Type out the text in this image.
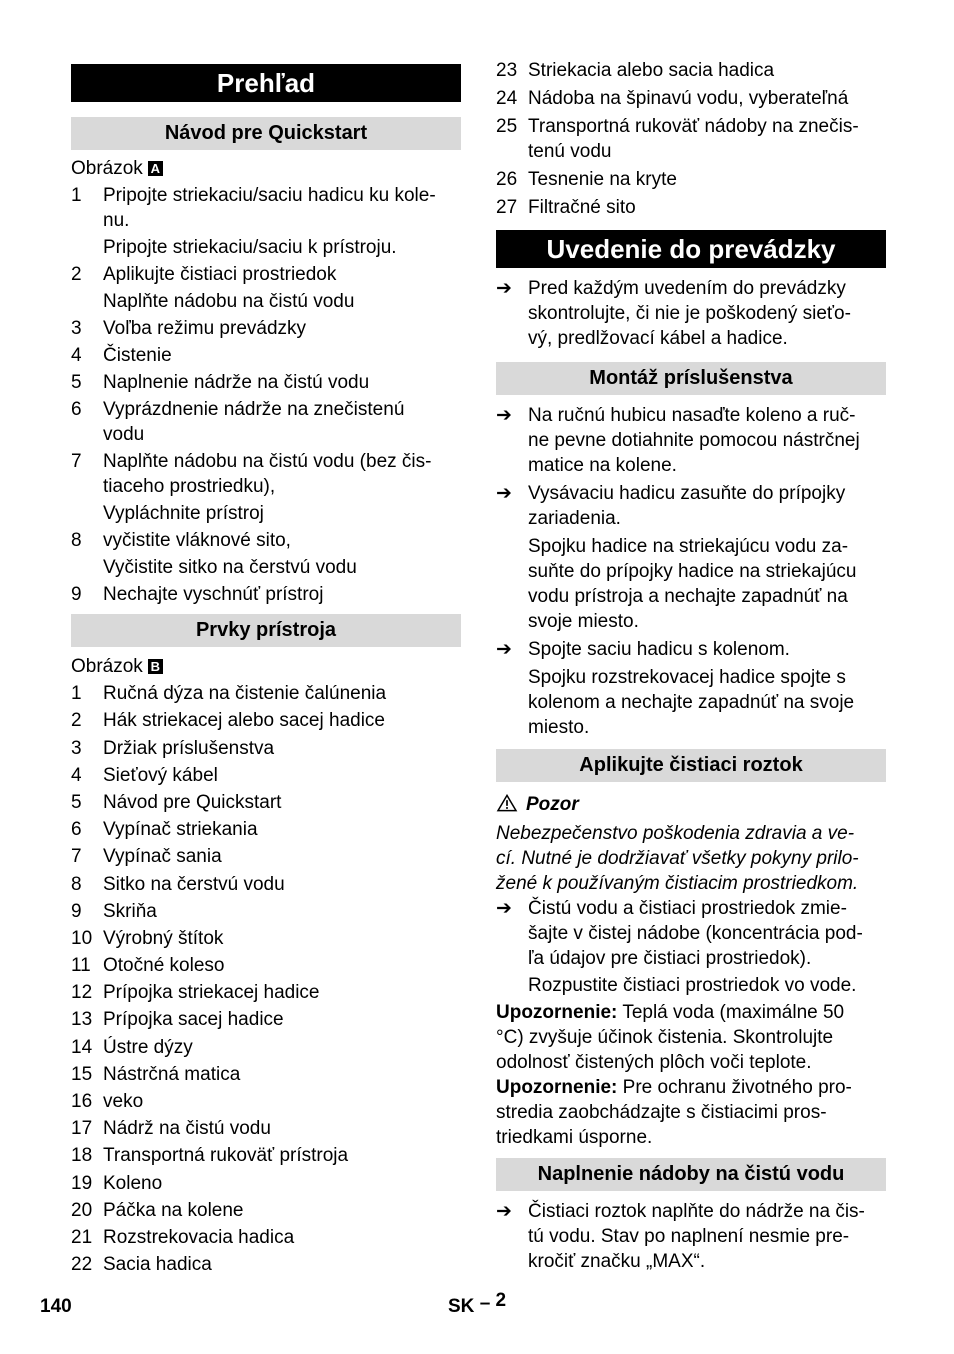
Prehľad
Návod pre Quickstart
Obrázok A
1	Pripojte striekaciu/saciu hadicu ku kole-
nu.
Pripojte striekaciu/saciu k prístroju.
2	Aplikujte čistiaci prostriedok
Naplňte nádobu na čistú vodu
3	Voľba režimu prevádzky
4	Čistenie
5	Naplnenie nádrže na čistú vodu
6	Vyprázdnenie nádrže na znečistenú
vodu
7	Naplňte nádobu na čistú vodu (bez čis-
tiaceho prostriedku),
Vypláchnite prístroj
8	vyčistite vláknové sito,
Vyčistite sitko na čerstvú vodu
9	Nechajte vyschnúť prístroj
Prvky prístroja
Obrázok B
1	Ručná dýza na čistenie čalúnenia
2	Hák striekacej alebo sacej hadice
3	Držiak príslušenstva
4	Sieťový kábel
5	Návod pre Quickstart
6	Vypínač striekania
7	Vypínač sania
8	Sitko na čerstvú vodu
9	Skriňa
10 Výrobný štítok
11 Otočné koleso
12 Prípojka striekacej hadice
13 Prípojka sacej hadice
14 Ústre dýzy
15 Nástrčná matica
16 veko
17 Nádrž na čistú vodu
18 Transportná rukoväť prístroja
19 Koleno
20 Páčka na kolene
21 Rozstrekovacia hadica
22 Sacia hadica
23 Striekacia alebo sacia hadica
24 Nádoba na špinavú vodu, vyberateľná
25 Transportná rukoväť nádoby na znečis-
tenú vodu
26 Tesnenie na kryte
27 Filtračné sito
Uvedenie do prevádzky
➔ Pred každým uvedením do prevádzky
skontrolujte, či nie je poškodený sieťo-
vý, predlžovací kábel a hadice.
Montáž príslušenstva
➔ Na ručnú hubicu nasaďte koleno a ruč-
ne pevne dotiahnite pomocou nástrčnej
matice na kolene.
➔ Vysávaciu hadicu zasuňte do prípojky
zariadenia.
Spojku hadice na striekajúcu vodu za-
suňte do prípojky hadice na striekajúcu
vodu prístroja a nechajte zapadnúť na
svoje miesto.
➔ Spojte saciu hadicu s kolenom.
Spojku rozstrekovacej hadice spojte s
kolenom a nechajte zapadnúť na svoje
miesto.
Aplikujte čistiaci roztok
Pozor
Nebezpečenstvo poškodenia zdravia a ve-
cí. Nutné je dodržiavať všetky pokyny prilo-
žené k používaným čistiacim prostriedkom.
➔ Čistú vodu a čistiaci prostriedok zmie-
šajte v čistej nádobe (koncentrácia pod-
ľa údajov pre čistiaci prostriedok).
Rozpustite čistiaci prostriedok vo vode.
Upozornenie: Teplá voda (maximálne 50
°C) zvyšuje účinok čistenia. Skontrolujte
odolnosť čistených plôch voči teplote.
Upozornenie: Pre ochranu životného pro-
stredia zaobchádzajte s čistiacimi pros-
triedkami úsporne.
Naplnenie nádoby na čistú vodu
➔ Čistiaci roztok naplňte do nádrže na čis-
tú vodu. Stav po naplnení nesmie pre-
kročiť značku „MAX“.
140	SK – 2
